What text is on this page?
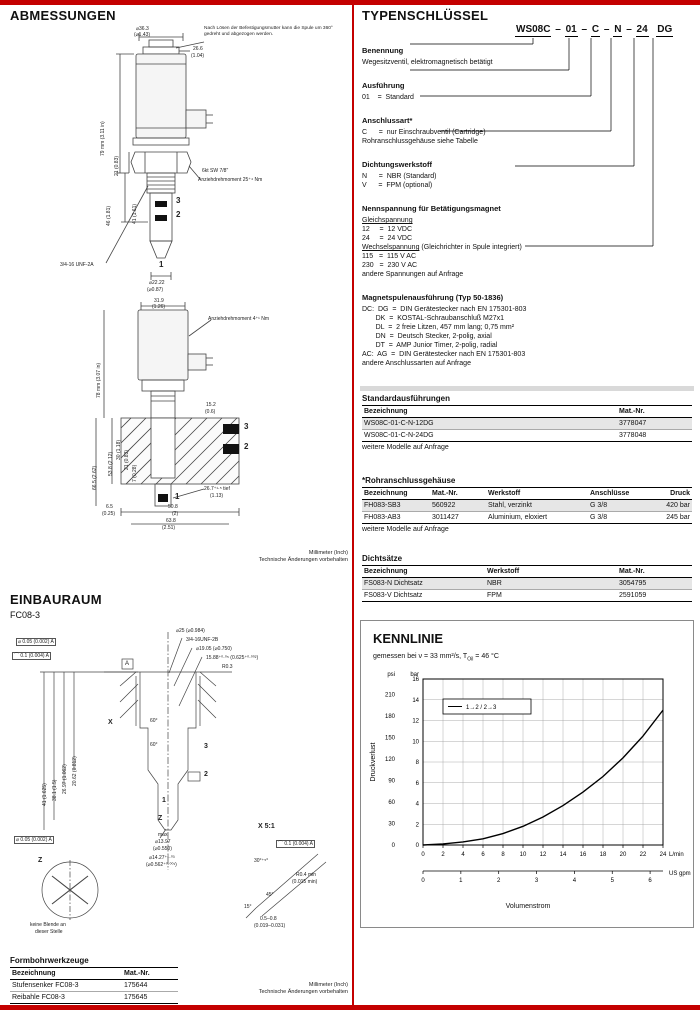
ABMESSUNGEN
Nach Lösen der Befestigungsmutter kann die Spule um 360° gedreht und abgezogen werden.
⌀36.3
(⌀1.43)
26.6
(1.04)
79 mm (3.11 in)
21 (0.83)
46 (1.81)	41 (1.61)
6kt SW 7/8"
Anziehdrehmoment 25⁺⁴ Nm
3
2
1
3/4-16 UNF-2A
⌀22.22
(⌀0.87)
31.9
(1.26)
Anziehdrehmoment 4⁺¹ Nm
78 mm (3.07 in)
30 (1.18) 21 (0.83)
53.8 (2.12)
66.5 (2.62)	7 (0.28)
15.2
(0.6)
3
2
1
26.7⁺¹·⁵ tief
(1.13)
6.5
(0.25)
50.8
(2)
63.8
(2.51)
Millimeter (Inch)
Technische Änderungen vorbehalten
EINBAURAUM
FC08-3
⌀25 (⌀0.984)
3/4-16UNF-2B
⌀19.05 (⌀0.750)
15.88⁺⁰·⁰⁵ (0.625⁺⁰·⁰⁰²)
⌀ 0.05 (0.002) A
⌒ 0.1 (0.004) A
A	R0.3
60°
60°
X
41 (1.625) 38.1 (1.5) 26.97 (1.062) 20.62 (0.812)
3
2
1
Z
max
⌀13.97
(⌀0.550)
⌀14.27⁺⁰·⁰³
(⌀0.562⁺⁰·⁰⁰¹)
⌀ 0.05 (0.002) A
X 5:1
⌒ 0.1 (0.004) A
30°⁺⁵°
R0.4 min
(0.015 min)
45°
15°
0.5–0.8
(0.019–0.031)
Z
keine Blende an
dieser Stelle
Formbohrwerkzeuge
Bezeichnung	Mat.-Nr.
Stufensenker FC08-3	175644
Reibahle FC08-3	175645
Millimeter (Inch)
Technische Änderungen vorbehalten
TYPENSCHLÜSSEL
WS08C – 01 – C – N – 24
DG
Benennung
Wegesitzventil, elektromagnetisch betätigt
Ausführung
01    =  Standard
Anschlussart*
C      =  nur Einschraubventil (Cartridge)
Rohranschlussgehäuse siehe Tabelle
Dichtungswerkstoff
N      =  NBR (Standard)
V      =  FPM (optional)
Nennspannung für Betätigungsmagnet
Gleichspannung
12     =  12 VDC
24     =  24 VDC
Wechselspannung (Gleichrichter in Spule integriert)
115   =  115 V AC
230   =  230 V AC
andere Spannungen auf Anfrage
Magnetspulenausführung (Typ 50-1836)
DC:  DG  =  DIN Gerätestecker nach EN 175301-803
DK  =  KOSTAL-Schraubanschluß M27x1
DL  =  2 freie Litzen, 457 mm lang; 0,75 mm²
DN  =  Deutsch Stecker, 2-polig, axial
DT  =  AMP Junior Timer, 2-polig, radial
AC:  AG  =  DIN Gerätestecker nach EN 175301-803
andere Anschlussarten auf Anfrage
Standardausführungen
Bezeichnung	Mat.-Nr.
WS08C-01-C-N-12DG	3778047
WS08C-01-C-N-24DG	3778048
weitere Modelle auf Anfrage
*Rohranschlussgehäuse
Bezeichnung	Mat.-Nr.	Werkstoff	Anschlüsse	Druck
FH083-SB3	560922	Stahl, verzinkt	G 3/8	420 bar
FH083-AB3	3011427	Aluminium, eloxiert	G 3/8	245 bar
weitere Modelle auf Anfrage
Dichtsätze
Bezeichnung	Werkstoff	Mat.-Nr.
FS083-N Dichtsatz	NBR	3054795
FS083-V Dichtsatz	FPM	2591059
KENNLINIE
gemessen bei ν = 33 mm²/s, $T_{Oil} = 46$ °C
psi	bar
0
30
60
90
120
150
180
210
0
2
4
6
8
10
12
14
16
0	2	4	6	8 10 12 14 16 18 20 22 24 L/min
0	1	2	3	4	5	6
US gpm
Druckverlust
1→2 / 2→3
Volumenstrom
